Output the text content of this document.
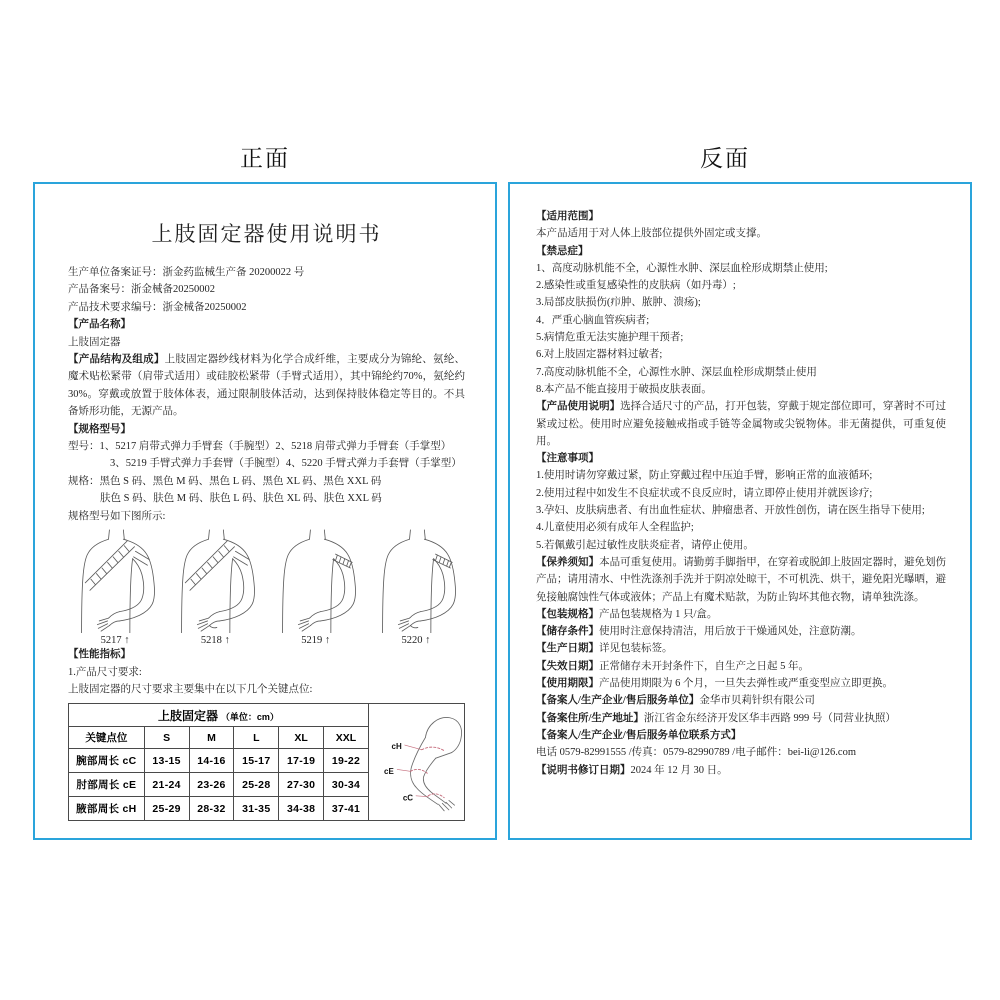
正面	反面
上肢固定器使用说明书

生产单位备案证号：浙金药监械生产备 20200022 号

产品备案号：浙金械备20250002

产品技术要求编号：浙金械备20250002

【产品名称】

上肢固定器

【产品结构及组成】上肢固定器纱线材料为化学合成纤维，主要成分为锦纶、氨纶、魔术贴松紧带（肩带式适用）或硅胶松紧带（手臂式适用），其中锦纶约70%，氨纶约30%。穿戴或放置于肢体体表，通过限制肢体活动，达到保持肢体稳定等目的。不具备矫形功能，无源产品。

【规格型号】

型号：1、5217 肩带式弹力手臂套（手腕型）2、5218 肩带式弹力手臂套（手掌型）

3、5219 手臂式弹力手套臂（手腕型）4、5220 手臂式弹力手套臂（手掌型）

规格：黑色 S 码、黑色 M 码、黑色 L 码、黑色 XL 码、黑色 XXL 码

肤色 S 码、肤色 M 码、肤色 L 码、肤色 XL 码、肤色 XXL 码

规格型号如下图所示:

5217 ↑	5218 ↑	5219 ↑	5220 ↑

【性能指标】

1.产品尺寸要求:

上肢固定器的尺寸要求主要集中在以下几个关键点位:

上肢固定器 （单位：cm）						cH
cE
cC

关键点位	S	M	L	XL	XXL	
腕部周长 cC	13-15	14-16	15-17	17-19	19-22	
肘部周长 cE	21-24	23-26	25-28	27-30	30-34	
腋部周长 cH	25-29	28-32	31-35	34-38	37-41	

【适用范围】

本产品适用于对人体上肢部位提供外固定或支撑。

【禁忌症】

1、高度动脉机能不全，心源性水肿、深层血栓形成期禁止使用;

2.感染性或重复感染性的皮肤病（如丹毒）;

3.局部皮肤损伤(疖肿、脓肿、溃疡);

4．严重心脑血管疾病者;

5.病情危重无法实施护理干预者;

6.对上肢固定器材料过敏者;

7.高度动脉机能不全，心源性水肿、深层血栓形成期禁止使用

8.本产品不能直接用于破损皮肤表面。

【产品使用说明】选择合适尺寸的产品，打开包装，穿戴于规定部位即可，穿著时不可过紧或过松。使用时应避免接触戒指或手链等金属物或尖锐物体。非无菌提供，可重复使用。

【注意事项】

1.使用时请勿穿戴过紧，防止穿戴过程中压迫手臂，影响正常的血液循环;

2.使用过程中如发生不良症状或不良反应时，请立即停止使用并就医诊疗;

3.孕妇、皮肤病患者、有出血性症状、肿瘤患者、开放性创伤，请在医生指导下使用;

4.儿童使用必须有成年人全程监护;

5.若佩戴引起过敏性皮肤炎症者，请停止使用。

【保养须知】本品可重复使用。请勤剪手脚指甲，在穿着或脱卸上肢固定器时，避免划伤产品；请用清水、中性洗涤剂手洗并于阴凉处晾干，不可机洗、烘干，避免阳光曝晒，避免接触腐蚀性气体或液体；产品上有魔术贴款，为防止钩坏其他衣物，请单独洗涤。

【包装规格】产品包装规格为 1 只/盒。

【储存条件】使用时注意保持清洁，用后放于干燥通风处，注意防潮。

【生产日期】详见包装标签。

【失效日期】正常储存未开封条件下，自生产之日起 5 年。

【使用期限】产品使用期限为 6 个月，一旦失去弹性或严重变型应立即更换。

【备案人/生产企业/售后服务单位】金华市贝莉针织有限公司

【备案住所/生产地址】浙江省金东经济开发区华丰西路 999 号（同营业执照）

【备案人/生产企业/售后服务单位联系方式】

电话 0579-82991555 /传真：0579-82990789 /电子邮件：bei-li@126.com

【说明书修订日期】2024 年 12 月 30 日。
